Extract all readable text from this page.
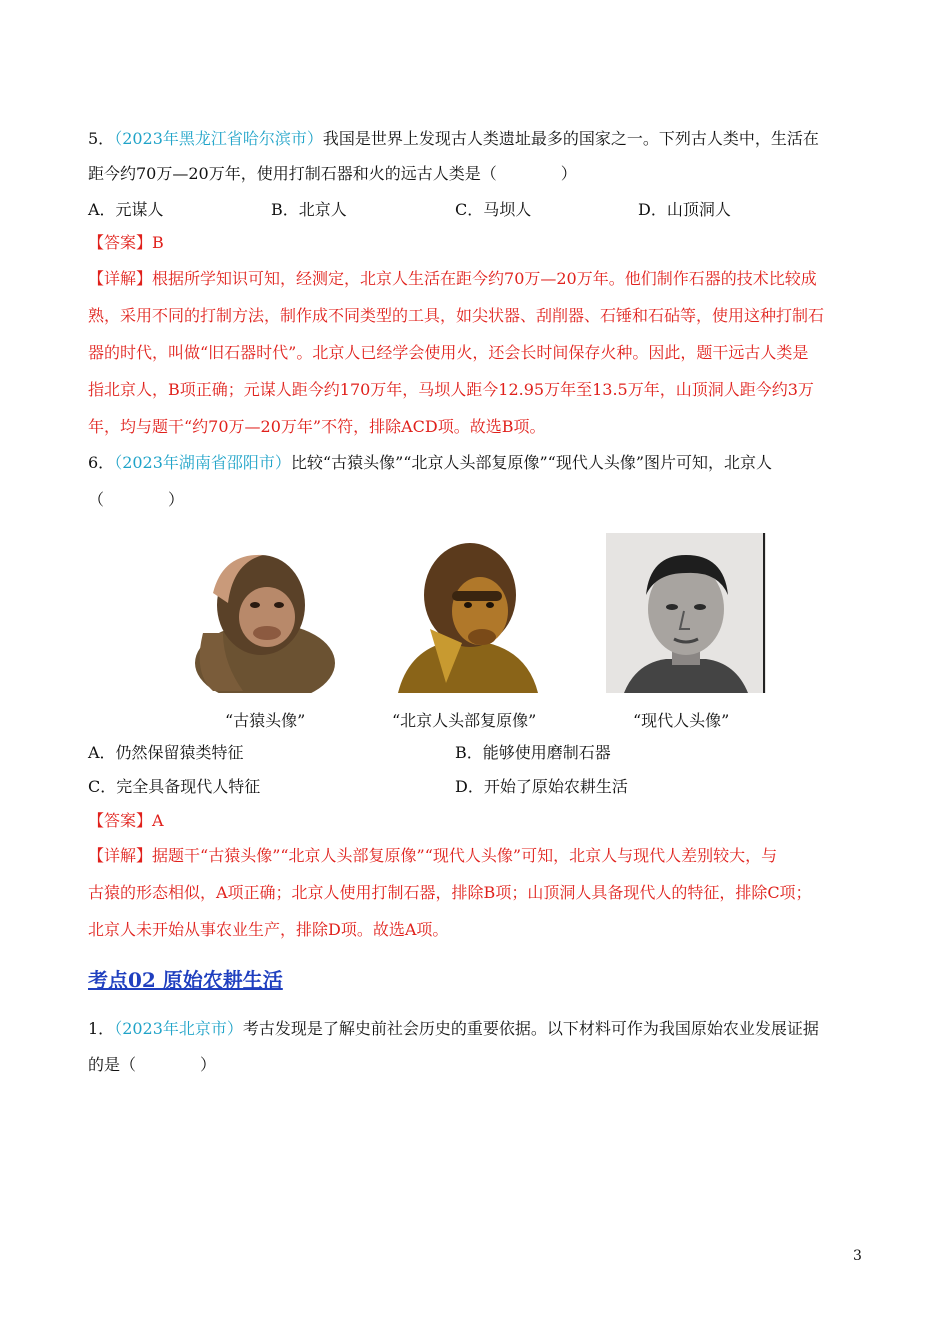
5．（2023年黑龙江省哈尔滨市）我国是世界上发现古人类遗址最多的国家之一。下列古人类中，生活在
距今约70万—20万年，使用打制石器和火的远古人类是（　　　　）
A．元谋人	B．北京人	C．马坝人	D．山顶洞人
【答案】B
【详解】根据所学知识可知，经测定，北京人生活在距今约70万—20万年。他们制作石器的技术比较成
熟，采用不同的打制方法，制作成不同类型的工具，如尖状器、刮削器、石锤和石砧等，使用这种打制石
器的时代，叫做“旧石器时代”。北京人已经学会使用火，还会长时间保存火种。因此，题干远古人类是
指北京人，B项正确；元谋人距今约170万年，马坝人距今12.95万年至13.5万年，山顶洞人距今约3万
年，均与题干“约70万—20万年”不符，排除ACD项。故选B项。
6．（2023年湖南省邵阳市）比较“古猿头像”“北京人头部复原像”“现代人头像”图片可知，北京人
（　　　　）
“古猿头像”	“北京人头部复原像”	“现代人头像”
A．仍然保留猿类特征	B．能够使用磨制石器
C．完全具备现代人特征	D．开始了原始农耕生活
【答案】A
【详解】据题干“古猿头像”“北京人头部复原像”“现代人头像”可知，北京人与现代人差别较大，与
古猿的形态相似，A项正确；北京人使用打制石器，排除B项；山顶洞人具备现代人的特征，排除C项；
北京人未开始从事农业生产，排除D项。故选A项。
考点02 原始农耕生活
1．（2023年北京市）考古发现是了解史前社会历史的重要依据。以下材料可作为我国原始农业发展证据
的是（　　　　）
3
